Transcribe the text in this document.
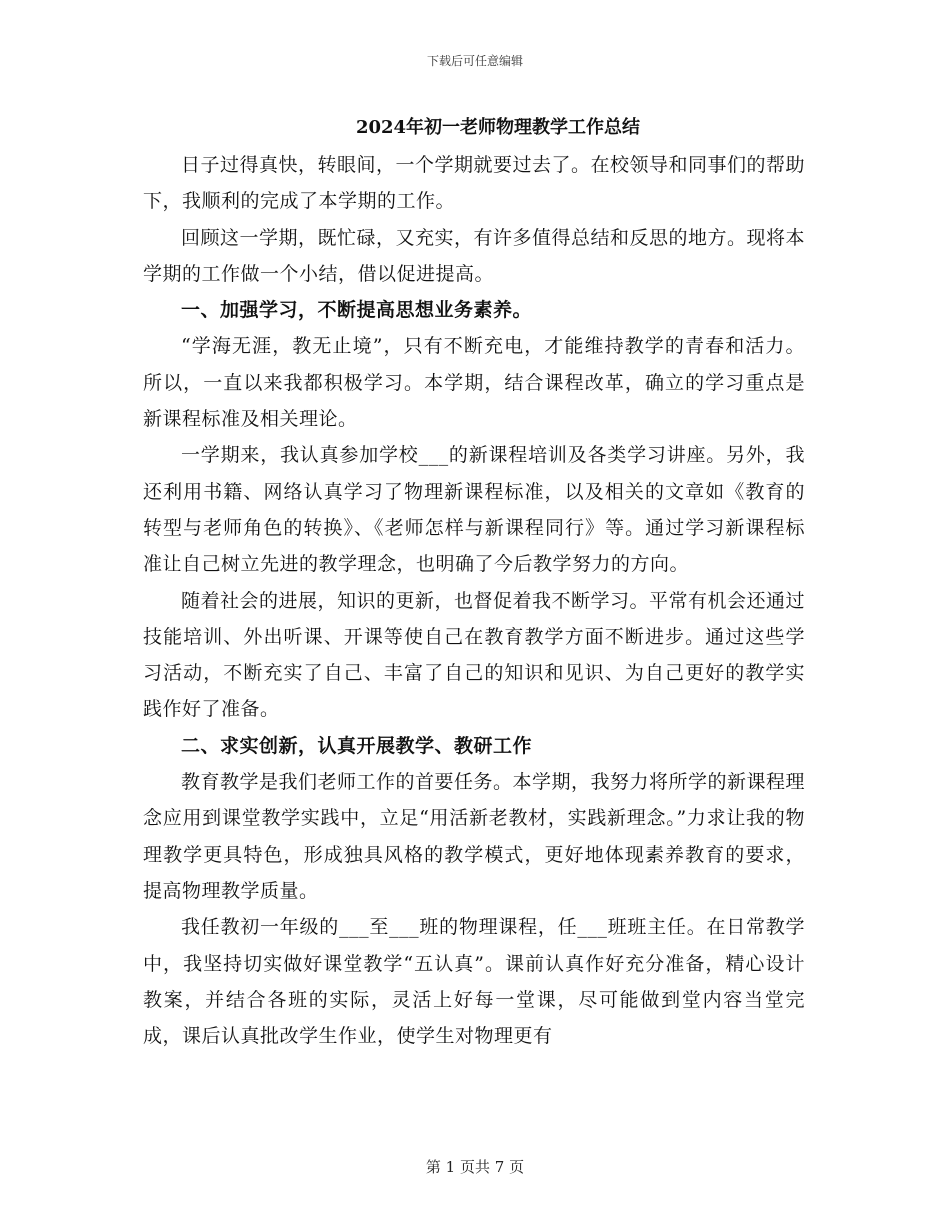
下载后可任意编辑
2024年初一老师物理教学工作总结

日子过得真快，转眼间，一个学期就要过去了。在校领导和同事们的帮助下，我顺利的完成了本学期的工作。

回顾这一学期，既忙碌，又充实，有许多值得总结和反思的地方。现将本学期的工作做一个小结，借以促进提高。

一、加强学习，不断提高思想业务素养。

“学海无涯，教无止境”，只有不断充电，才能维持教学的青春和活力。所以，一直以来我都积极学习。本学期，结合课程改革，确立的学习重点是新课程标准及相关理论。

一学期来，我认真参加学校___的新课程培训及各类学习讲座。另外，我还利用书籍、网络认真学习了物理新课程标准，以及相关的文章如《教育的转型与老师角色的转换》、《老师怎样与新课程同行》等。通过学习新课程标准让自己树立先进的教学理念，也明确了今后教学努力的方向。

随着社会的进展，知识的更新，也督促着我不断学习。平常有机会还通过技能培训、外出听课、开课等使自己在教育教学方面不断进步。通过这些学习活动，不断充实了自己、丰富了自己的知识和见识、为自己更好的教学实践作好了准备。

二、求实创新，认真开展教学、教研工作

教育教学是我们老师工作的首要任务。本学期，我努力将所学的新课程理念应用到课堂教学实践中，立足“用活新老教材，实践新理念。”力求让我的物理教学更具特色，形成独具风格的教学模式，更好地体现素养教育的要求，提高物理教学质量。

我任教初一年级的___至___班的物理课程，任___班班主任。在日常教学中，我坚持切实做好课堂教学“五认真”。课前认真作好充分准备，精心设计教案，并结合各班的实际，灵活上好每一堂课，尽可能做到堂内容当堂完成，课后认真批改学生作业，使学生对物理更有

第 1 页共 7 页
